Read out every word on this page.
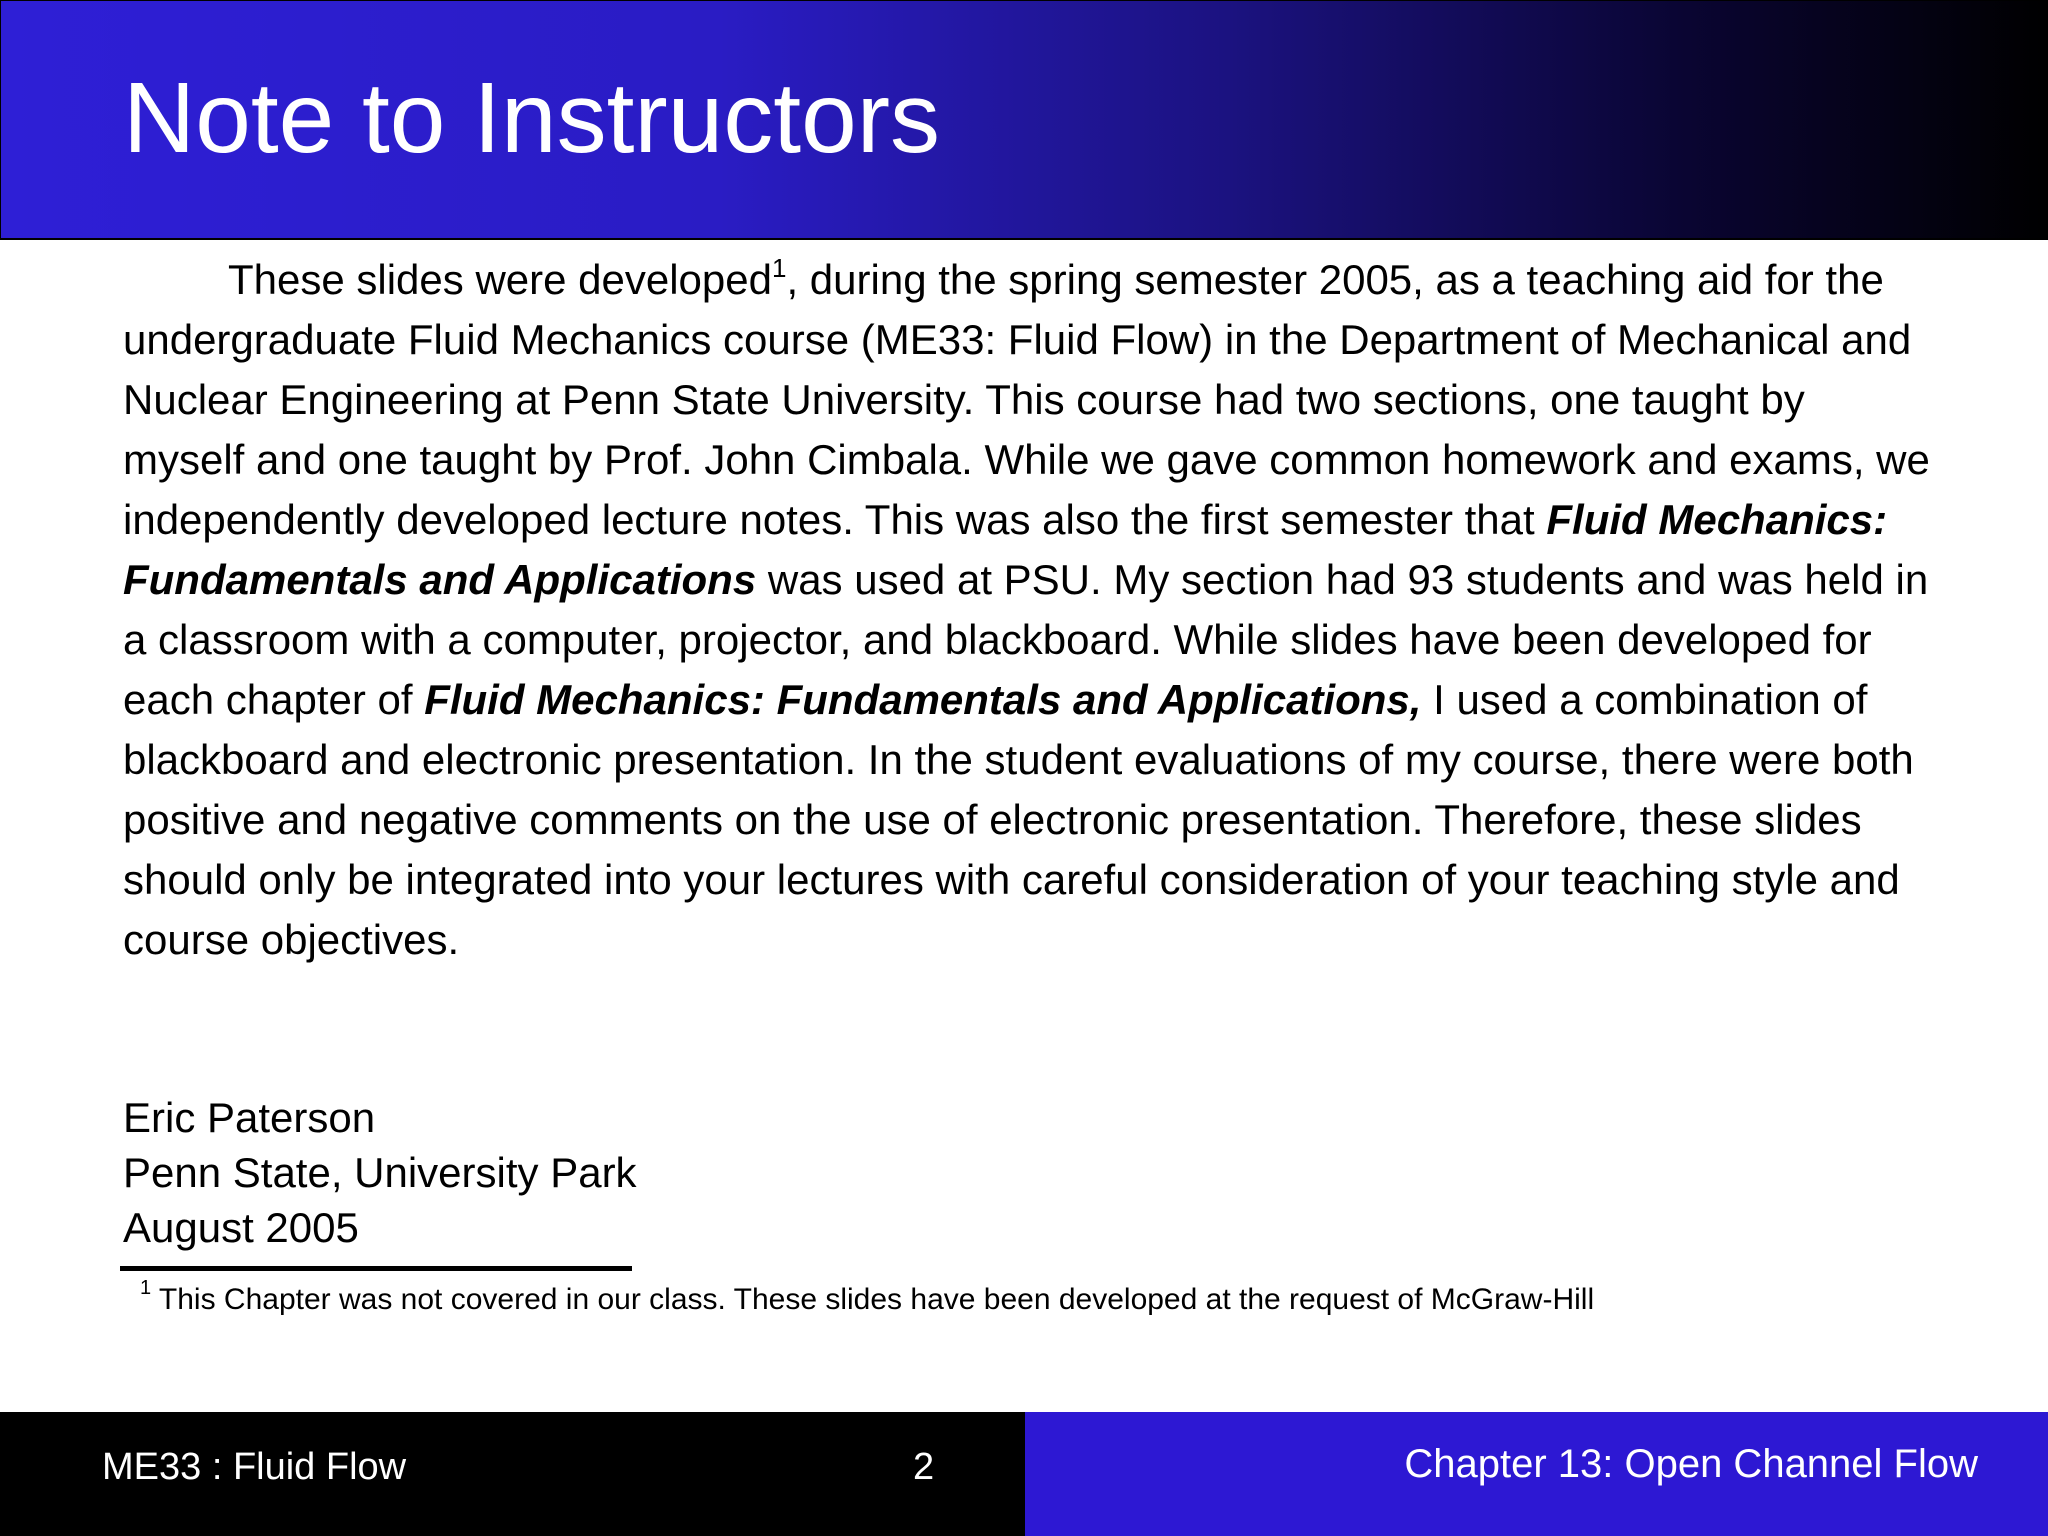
Note to Instructors

These slides were developed$^1$, during the spring semester 2005, as a teaching aid for the undergraduate Fluid Mechanics course (ME33: Fluid Flow) in the Department of Mechanical and Nuclear Engineering at Penn State University. This course had two sections, one taught by myself and one taught by Prof. John Cimbala. While we gave common homework and exams, we independently developed lecture notes. This was also the first semester that Fluid Mechanics: Fundamentals and Applications was used at PSU. My section had 93 students and was held in a classroom with a computer, projector, and blackboard. While slides have been developed for each chapter of Fluid Mechanics: Fundamentals and Applications, I used a combination of blackboard and electronic presentation. In the student evaluations of my course, there were both positive and negative comments on the use of electronic presentation. Therefore, these slides should only be integrated into your lectures with careful consideration of your teaching style and course objectives.

Eric Paterson
Penn State, University Park
August 2005
$^1$ This Chapter was not covered in our class. These slides have been developed at the request of McGraw-Hill
ME33 : Fluid Flow	2	Chapter 13: Open Channel Flow
